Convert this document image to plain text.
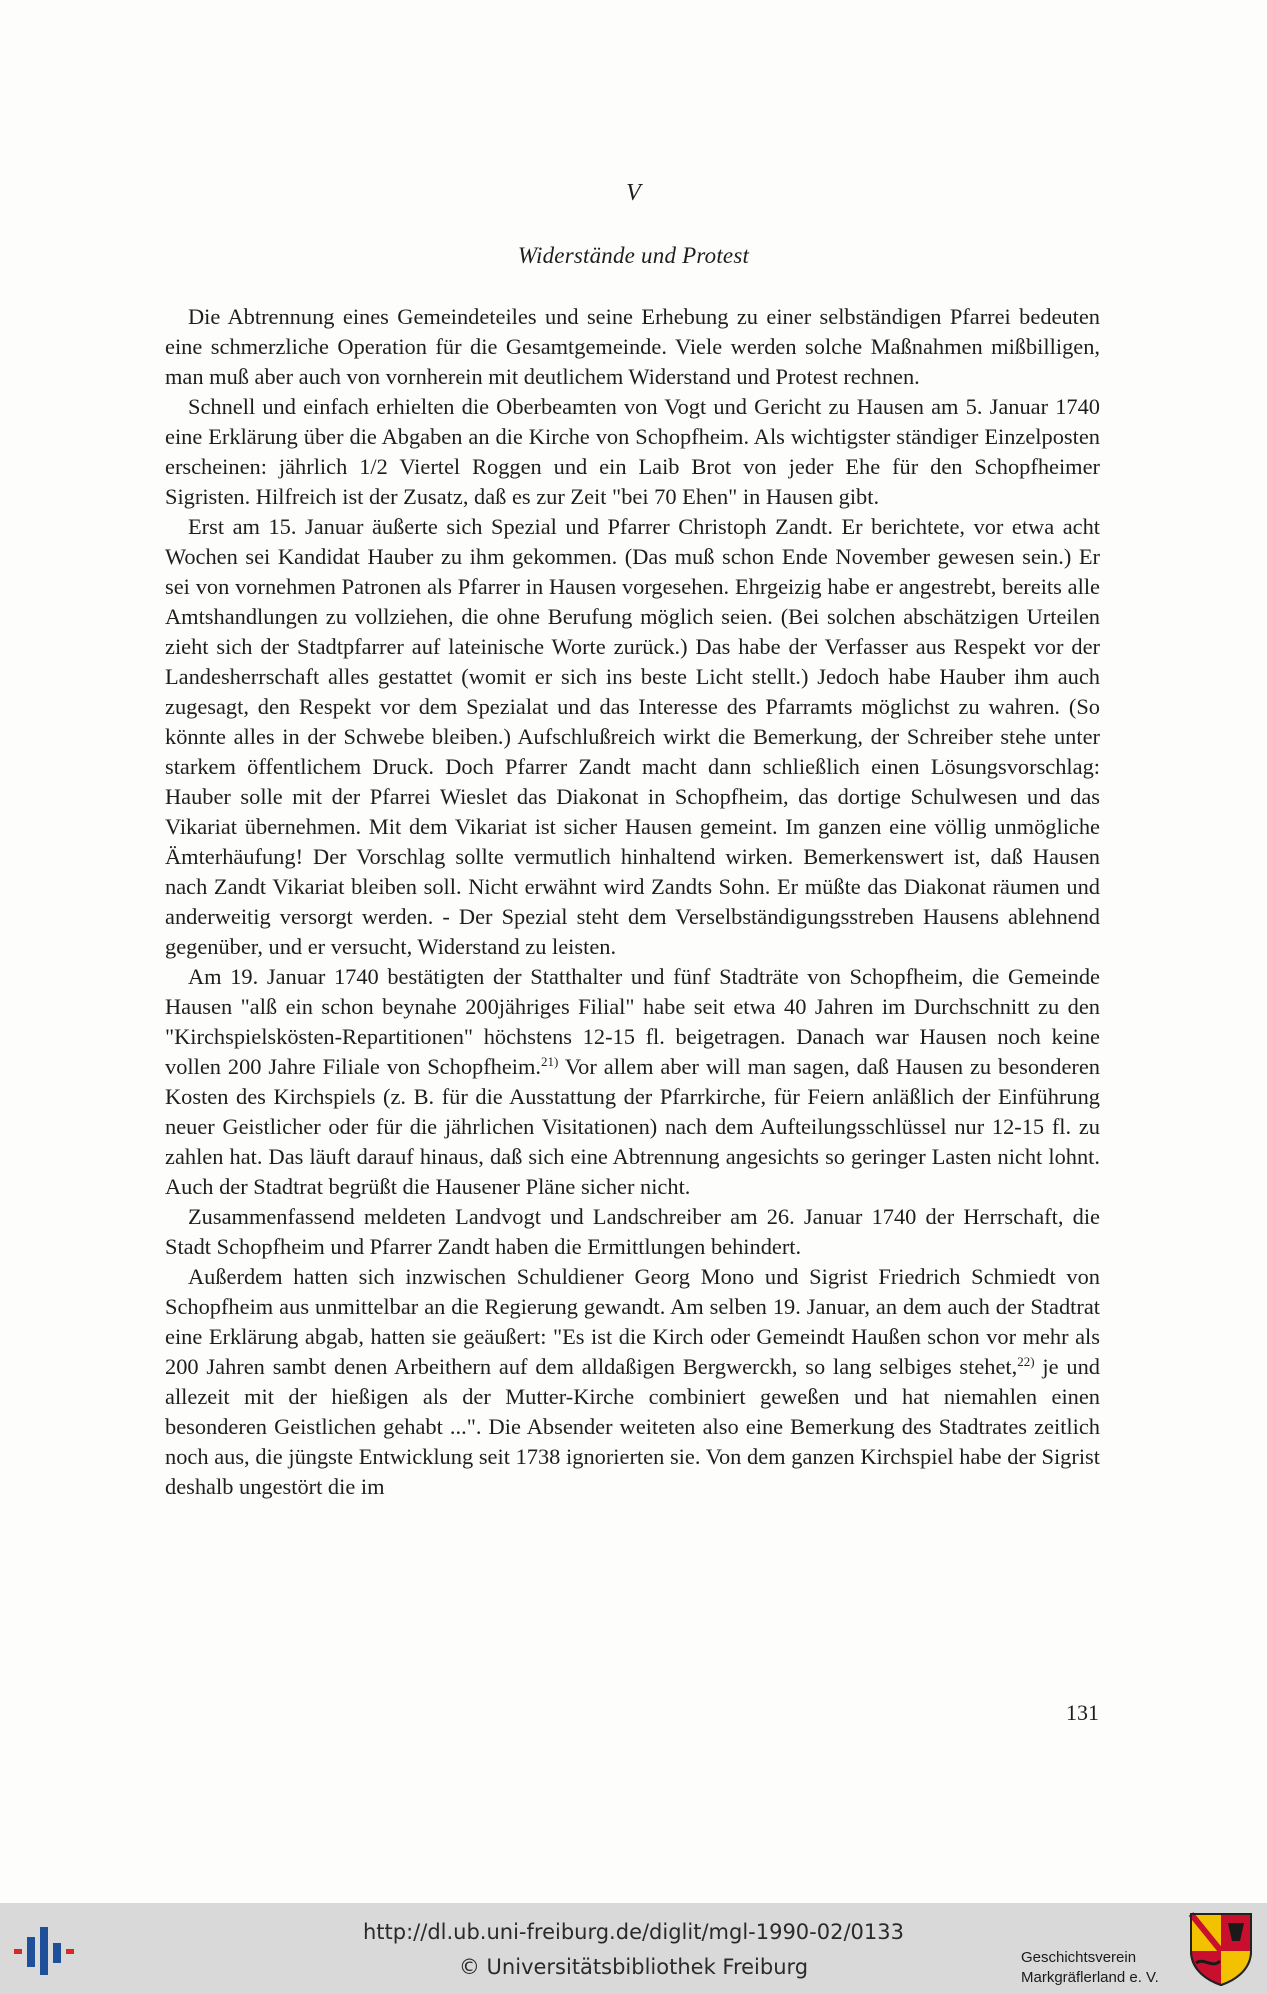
V
Widerstände und Protest

Die Abtrennung eines Gemeindeteiles und seine Erhebung zu einer selbständigen Pfarrei bedeuten eine schmerzliche Operation für die Gesamtgemeinde. Viele werden solche Maßnahmen mißbilligen, man muß aber auch von vornherein mit deutlichem Widerstand und Protest rechnen.

Schnell und einfach erhielten die Oberbeamten von Vogt und Gericht zu Hausen am 5. Januar 1740 eine Erklärung über die Abgaben an die Kirche von Schopfheim. Als wichtigster ständiger Einzelposten erscheinen: jährlich 1/2 Viertel Roggen und ein Laib Brot von jeder Ehe für den Schopfheimer Sigristen. Hilfreich ist der Zusatz, daß es zur Zeit "bei 70 Ehen" in Hausen gibt.

Erst am 15. Januar äußerte sich Spezial und Pfarrer Christoph Zandt. Er berichtete, vor etwa acht Wochen sei Kandidat Hauber zu ihm gekommen. (Das muß schon Ende November gewesen sein.) Er sei von vornehmen Patronen als Pfarrer in Hausen vorgesehen. Ehrgeizig habe er angestrebt, bereits alle Amtshandlungen zu vollziehen, die ohne Berufung möglich seien. (Bei solchen abschätzigen Urteilen zieht sich der Stadtpfarrer auf lateinische Worte zurück.) Das habe der Verfasser aus Respekt vor der Landesherrschaft alles gestattet (womit er sich ins beste Licht stellt.) Jedoch habe Hauber ihm auch zugesagt, den Respekt vor dem Spezialat und das Interesse des Pfarramts möglichst zu wahren. (So könnte alles in der Schwebe bleiben.) Aufschlußreich wirkt die Bemerkung, der Schreiber stehe unter starkem öffentlichem Druck. Doch Pfarrer Zandt macht dann schließlich einen Lösungsvorschlag: Hauber solle mit der Pfarrei Wieslet das Diakonat in Schopfheim, das dortige Schulwesen und das Vikariat übernehmen. Mit dem Vikariat ist sicher Hausen gemeint. Im ganzen eine völlig unmögliche Ämterhäufung! Der Vorschlag sollte vermutlich hinhaltend wirken. Bemerkenswert ist, daß Hausen nach Zandt Vikariat bleiben soll. Nicht erwähnt wird Zandts Sohn. Er müßte das Diakonat räumen und anderweitig versorgt werden. - Der Spezial steht dem Verselbständigungsstreben Hausens ablehnend gegenüber, und er versucht, Widerstand zu leisten.

Am 19. Januar 1740 bestätigten der Statthalter und fünf Stadträte von Schopfheim, die Gemeinde Hausen "alß ein schon beynahe 200jähriges Filial" habe seit etwa 40 Jahren im Durchschnitt zu den "Kirchspielskösten-Repartitionen" höchstens 12-15 fl. beigetragen. Danach war Hausen noch keine vollen 200 Jahre Filiale von Schopfheim.$^{21)}$ Vor allem aber will man sagen, daß Hausen zu besonderen Kosten des Kirchspiels (z. B. für die Ausstattung der Pfarrkirche, für Feiern anläßlich der Einführung neuer Geistlicher oder für die jährlichen Visitationen) nach dem Aufteilungsschlüssel nur 12-15 fl. zu zahlen hat. Das läuft darauf hinaus, daß sich eine Abtrennung angesichts so geringer Lasten nicht lohnt. Auch der Stadtrat begrüßt die Hausener Pläne sicher nicht.

Zusammenfassend meldeten Landvogt und Landschreiber am 26. Januar 1740 der Herrschaft, die Stadt Schopfheim und Pfarrer Zandt haben die Ermittlungen behindert.

Außerdem hatten sich inzwischen Schuldiener Georg Mono und Sigrist Friedrich Schmiedt von Schopfheim aus unmittelbar an die Regierung gewandt. Am selben 19. Januar, an dem auch der Stadtrat eine Erklärung abgab, hatten sie geäußert: "Es ist die Kirch oder Gemeindt Haußen schon vor mehr als 200 Jahren sambt denen Arbeithern auf dem alldaßigen Bergwerckh, so lang selbiges stehet,$^{22)}$ je und allezeit mit der hießigen als der Mutter-Kirche combiniert geweßen und hat niemahlen einen besonderen Geistlichen gehabt ...". Die Absender weiteten also eine Bemerkung des Stadtrates zeitlich noch aus, die jüngste Entwicklung seit 1738 ignorierten sie. Von dem ganzen Kirchspiel habe der Sigrist deshalb ungestört die im

131
http://dl.ub.uni-freiburg.de/diglit/mgl-1990-02/0133
© Universitätsbibliothek Freiburg	Geschichtsverein
Markgräflerland e. V.
